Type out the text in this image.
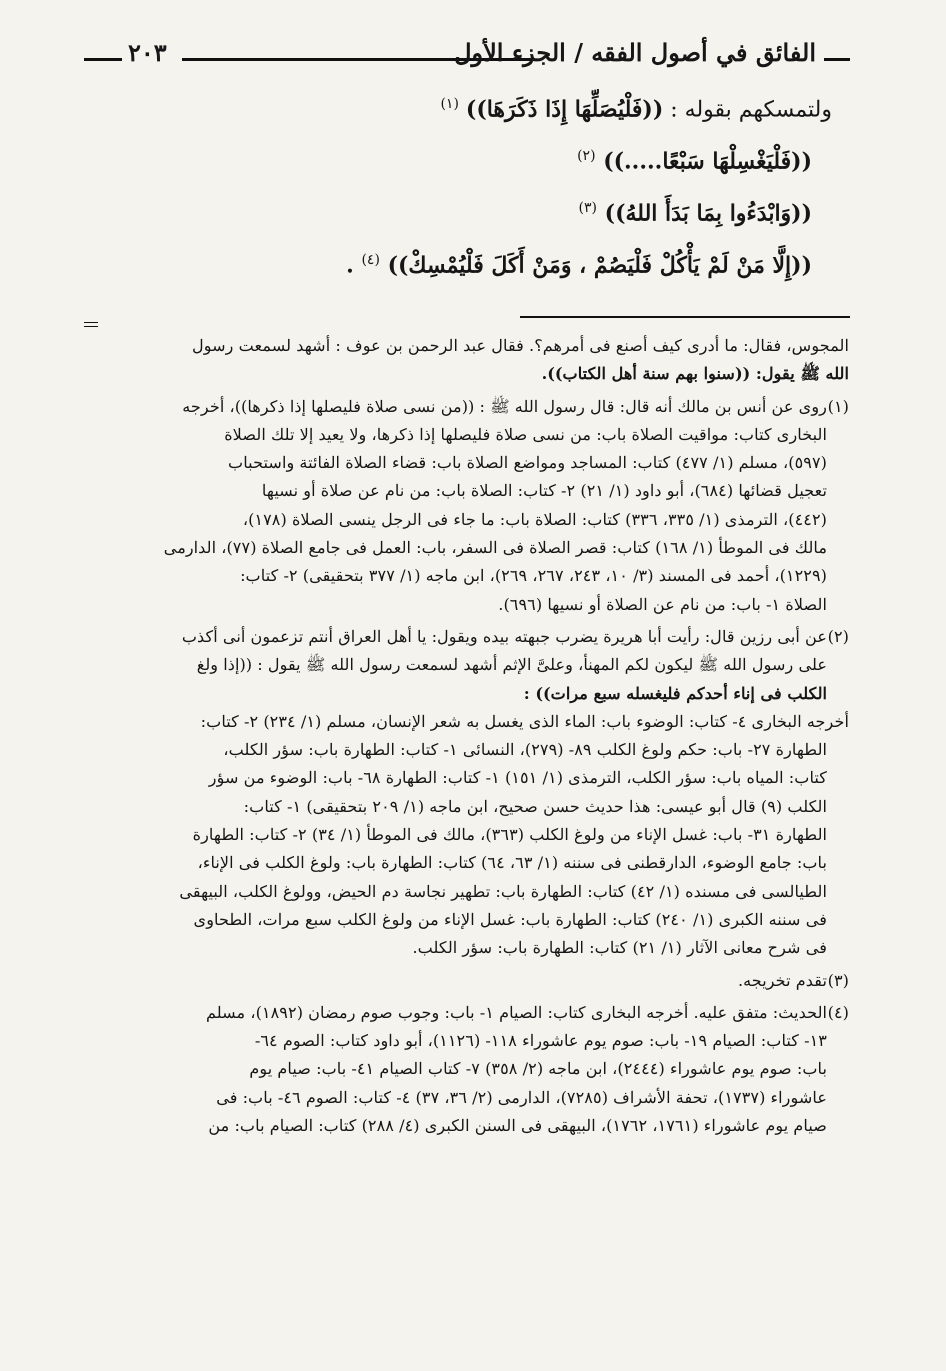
٢٠٣	الفائق في أصول الفقه / الجزء الأول
ولتمسكهم بقوله : ((فَلْيُصَلِّهَا إِذَا ذَكَرَهَا)) $^{(١)}$
((فَلْيَغْسِلْهَا سَبْعًا.....)) $^{(٢)}$
((وَابْدَءُوا بِمَا بَدَأَ اللهُ)) $^{(٣)}$
((إِلَّا مَنْ لَمْ يَأْكُلْ فَلْيَصُمْ ، وَمَنْ أَكَلَ فَلْيُمْسِكْ)) $^{(٤)}$ .
المجوس، فقال: ما أدرى كيف أصنع فى أمرهم؟. فقال عبد الرحمن بن عوف : أشهد لسمعت رسول
الله ﷺ يقول: ((سنوا بهم سنة أهل الكتاب)).
(١)روى عن أنس بن مالك أنه قال: قال رسول الله ﷺ : ((من نسى صلاة فليصلها إذا ذكرها))، أخرجه
البخارى كتاب: مواقيت الصلاة باب: من نسى صلاة فليصلها إذا ذكرها، ولا يعيد إلا تلك الصلاة
(٥٩٧)، مسلم (١/ ٤٧٧) كتاب: المساجد ومواضع الصلاة باب: قضاء الصلاة الفائتة واستحباب
تعجيل قضائها (٦٨٤)، أبو داود (١/ ٢١) ٢- كتاب: الصلاة باب: من نام عن صلاة أو نسيها
(٤٤٢)، الترمذى (١/ ٣٣٥، ٣٣٦) كتاب: الصلاة باب: ما جاء فى الرجل ينسى الصلاة (١٧٨)،
مالك فى الموطأ (١/ ١٦٨) كتاب: قصر الصلاة فى السفر، باب: العمل فى جامع الصلاة (٧٧)، الدارمى
(١٢٢٩)، أحمد فى المسند (٣/ ١٠، ٢٤٣، ٢٦٧، ٢٦٩)، ابن ماجه (١/ ٣٧٧ بتحقيقى) ٢- كتاب:
الصلاة ١- باب: من نام عن الصلاة أو نسيها (٦٩٦).
(٢)عن أبى رزين قال: رأيت أبا هريرة يضرب جبهته بيده ويقول: يا أهل العراق أنتم تزعمون أنى أكذب
على رسول الله ﷺ ليكون لكم المهنأ، وعلىَّ الإثم أشهد لسمعت رسول الله ﷺ يقول : ((إذا ولغ
الكلب فى إناء أحدكم فليغسله سبع مرات)) :
أخرجه البخارى ٤- كتاب: الوضوء باب: الماء الذى يغسل به شعر الإنسان، مسلم (١/ ٢٣٤) ٢- كتاب:
الطهارة ٢٧- باب: حكم ولوغ الكلب ٨٩- (٢٧٩)، النسائى ١- كتاب: الطهارة باب: سؤر الكلب،
كتاب: المياه باب: سؤر الكلب، الترمذى (١/ ١٥١) ١- كتاب: الطهارة ٦٨- باب: الوضوء من سؤر
الكلب (٩) قال أبو عيسى: هذا حديث حسن صحيح، ابن ماجه (١/ ٢٠٩ بتحقيقى) ١- كتاب:
الطهارة ٣١- باب: غسل الإناء من ولوغ الكلب (٣٦٣)، مالك فى الموطأ (١/ ٣٤) ٢- كتاب: الطهارة
باب: جامع الوضوء، الدارقطنى فى سننه (١/ ٦٣، ٦٤) كتاب: الطهارة باب: ولوغ الكلب فى الإناء،
الطيالسى فى مسنده (١/ ٤٢) كتاب: الطهارة باب: تطهير نجاسة دم الحيض، وولوغ الكلب، البيهقى
فى سننه الكبرى (١/ ٢٤٠) كتاب: الطهارة باب: غسل الإناء من ولوغ الكلب سبع مرات، الطحاوى
فى شرح معانى الآثار (١/ ٢١) كتاب: الطهارة باب: سؤر الكلب.
(٣)تقدم تخريجه.
(٤)الحديث: متفق عليه. أخرجه البخارى كتاب: الصيام ١- باب: وجوب صوم رمضان (١٨٩٢)، مسلم
١٣- كتاب: الصيام ١٩- باب: صوم يوم عاشوراء ١١٨- (١١٢٦)، أبو داود كتاب: الصوم ٦٤-
باب: صوم يوم عاشوراء (٢٤٤٤)، ابن ماجه (٢/ ٣٥٨) ٧- كتاب الصيام ٤١- باب: صيام يوم
عاشوراء (١٧٣٧)، تحفة الأشراف (٧٢٨٥)، الدارمى (٢/ ٣٦، ٣٧) ٤- كتاب: الصوم ٤٦- باب: فى
صيام يوم عاشوراء (١٧٦١، ١٧٦٢)، البيهقى فى السنن الكبرى (٤/ ٢٨٨) كتاب: الصيام باب: من
